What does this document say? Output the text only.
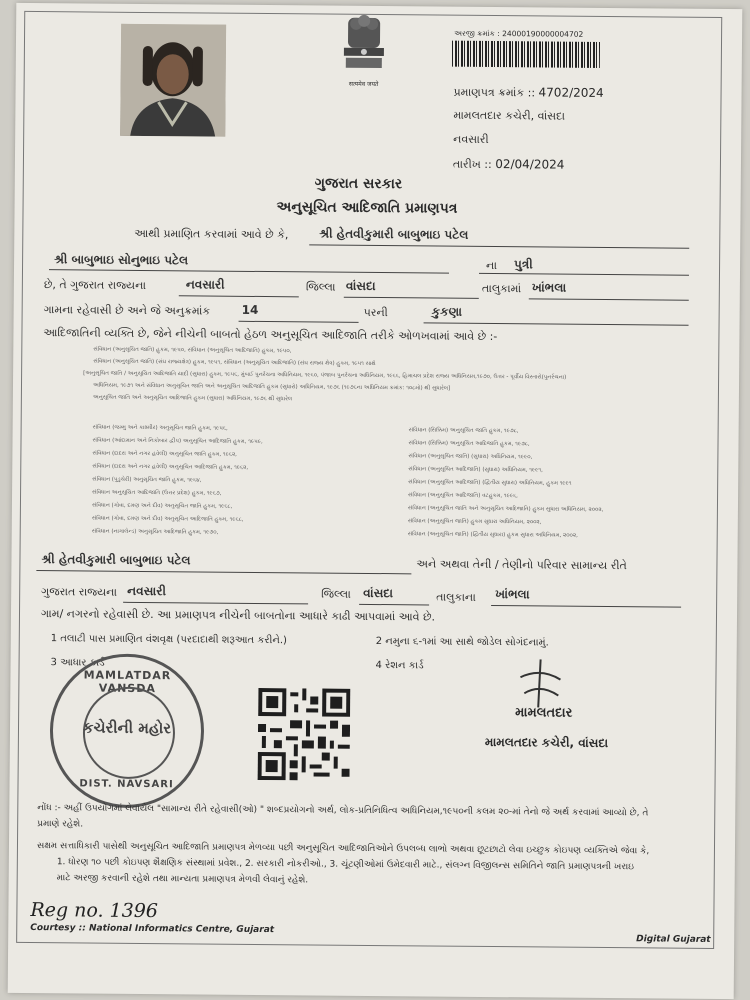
सत्यमेव जयते
અરજી ક્રમાંક : 24000190000004702
પ્રમાણપત્ર ક્રમાંક :: 4702/2024
મામલતદાર કચેરી, વાંસદા
નવસારી
તારીખ :: 02/04/2024
ગુજરાત સરકાર
અનુસૂચિત આદિજાતિ પ્રમાણપત્ર
આથી પ્રમાણિત કરવામાં આવે છે કે,	શ્રી હેતવીકુમારી બાબુભાઇ પટેલ
શ્રી બાબુભાઇ સોનુભાઇ પટેલ	ના પુત્રી
છે, તે ગુજરાત રાજ્યના	નવસારી	જિલ્લા વાંસદા	તાલુકામાં ખાંભલા
ગામના રહેવાસી છે અને જે અનુક્રમાંક	14	પરની	કુકણા
આદિજાતિની વ્યક્તિ છે, જેને નીચેની બાબતો હેઠળ અનુસૂચિત આદિજાતિ તરીકે ઓળખવામાં આવે છે :-
સંવિધાન (અનુસૂચિત જાતિ) હુકમ, ૧૯૫૦, સંવિધાન (અનુસૂચિત આદિજાતિ) હુકમ, ૧૯૫૦,
સંવિધાન (અનુસૂચિત જાતિ) (સંઘ રાજ્યક્ષેત્ર) હુકમ, ૧૯૫૧, સંવિધાન (અનુસૂચિત આદિજાતિ) (સંઘ રાજ્ય ક્ષેત્ર) હુકમ, ૧૯૫૧ સાથે
[અનુસૂચિત જાતિ / અનુસૂચિત આદિજાતિ યાદી (સુધારા) હુકમ, ૧૯૫૬, મુંબઈ પુનર્રચના અધિનિયમ, ૧૯૬૦, પંજાબ પુનર્રચના અધિનિયમ, ૧૯૬૬, હિમાચલ પ્રદેશ રાજ્ય અધિનિયમ,૧૯૭૦, ઉત્તર - પૂર્વીય વિસ્તારો(પુનર્રચના)
અધિનિયમ, ૧૯૭૧ અને સંવિધાન અનુસૂચિત જાતિ અને અનુસૂચિત આદિજાતિ હુકમ (સુધારો) અધિનિયમ, ૧૯૭૬ (૧૯૭૬ના અધિનિયમ ક્રમાંક: ૧૦૮મો) થી સુધારેલ]
અનુસૂચિત જાતિ અને અનુસૂચિત આદિજાતિ હુકમ (સુધારા) અધિનિયમ, ૧૯૭૬ થી સુધારેલ
સંવિધાન (જમ્મુ અને કાશ્મીર) અનુસૂચિત જાતિ હુકમ, ૧૯૫૬,
સંવિધાન (આંદામાન અને નિકોબાર દ્વીપ) અનુસૂચિત આદિજાતિ હુકમ, ૧૯૫૯,
સંવિધાન (દાદરા અને નગર હવેલી) અનુસૂચિત જાતિ હુકમ, ૧૯૬૨,
સંવિધાન (દાદરા અને નગર હવેલી) અનુસૂચિત આદિજાતિ હુકમ, ૧૯૬૨,
સંવિધાન (પુડુચેરી) અનુસૂચિત જાતિ હુકમ, ૧૯૬૪,
સંવિધાન અનુસૂચિત આદિજાતિ (ઉત્તર પ્રદેશ) હુકમ, ૧૯૬૭,
સંવિધાન (ગોવા, દમણ અને દીવ) અનુસૂચિત જાતિ હુકમ, ૧૯૬૮,
સંવિધાન (ગોવા, દમણ અને દીવ) અનુસૂચિત આદિજાતિ હુકમ, ૧૯૬૮,
સંવિધાન (નાગાલેન્ડ) અનુસૂચિત આદિજાતિ હુકમ, ૧૯૭૦,
સંવિધાન (સિક્કિમ) અનુસૂચિત જાતિ હુકમ, ૧૯૭૮,
સંવિધાન (સિક્કિમ) અનુસૂચિત આદિજાતિ હુકમ, ૧૯૭૮,
સંવિધાન (અનુસૂચિત જાતિ) (સુધારા) અધિનિયમ, ૧૯૯૦,
સંવિધાન (અનુસૂચિત આદિજાતિ) (સુધારા) અધિનિયમ, ૧૯૯૧,
સંવિધાન (અનુસૂચિત આદિજાતિ) (દ્વિતીય સુધારા) અધિનિયમ, હુકમ ૧૯૯૧
સંવિધાન (અનુસૂચિત આદિજાતિ) વટહુકમ, ૧૯૯૬,
સંવિધાન (અનુસૂચિત જાતિ અને અનુસૂચિત આદિજાતિ) હુકમ સુધારા અધિનિયમ, ૨૦૦૨,
સંવિધાન (અનુસૂચિત જાતિ) હુકમ સુધારા અધિનિયમ, ૨૦૦૨,
સંવિધાન (અનુસૂચિત જાતિ) (દ્વિતીય સુધારા) હુકમ સુધારા અધિનિયમ, ૨૦૦૨,
શ્રી હેતવીકુમારી બાબુભાઇ પટેલ	અને અથવા તેની / તેણીનો પરિવાર સામાન્ય રીતે
ગુજરાત રાજ્યના નવસારી	જિલ્લા વાંસદા	તાલુકાના ખાંભલા
ગામ/ નગરનો રહેવાસી છે. આ પ્રમાણપત્ર નીચેની બાબતોના આધારે કાઢી આપવામાં આવે છે.
1 તલાટી પાસ પ્રમાણિત વંશવૃક્ષ (પરદાદાથી શરૂઆત કરીને.)	2 નમુના ૬-૧માં આ સાથે જોડેલ સોગંદનામું.
3 આધાર કાર્ડ	4 રેશન કાર્ડ
MAMLATDAR VANSDA
કચેરીની મહોર
DIST. NAVSARI
મામલતદાર
મામલતદાર કચેરી, વાંસદા
નોંધ :- અહીં ઉપયોગમાં લેવાયેલ "સામાન્ય રીતે રહેવાસી(ઓ) " શબ્દપ્રયોગનો અર્થ, લોક-પ્રતિનિધિત્વ અધિનિયમ,૧૯૫૦ની કલમ ૨૦-માં તેનો જે અર્થ કરવામાં આવ્યો છે, તે
પ્રમાણે રહેશે.
સક્ષમ સત્તાધિકારી પાસેથી અનુસૂચિત આદિજાતિ પ્રમાણપત્ર મેળવ્યા પછી અનુસૂચિત આદિજાતિઓને ઉપલબ્ધ લાભો અથવા છૂટછાટો લેવા ઇચ્છુક કોઇપણ વ્યક્તિએ જેવા કે,
1. ધોરણ ૧૦ પછી કોઇપણ શૈક્ષણિક સંસ્થામાં પ્રવેશ., 2. સરકારી નોકરીઓ., 3. ચૂંટણીઓમાં ઉમેદવારી માટે., સંલગ્ન વિજીલન્સ સમિતિને જાતિ પ્રમાણપત્રની ખરાઇ
માટે અરજી કરવાની રહેશે તથા માન્યતા પ્રમાણપત્ર મેળવી લેવાનું રહેશે.
Reg no. 1396
Courtesy :: National Informatics Centre, Gujarat
Digital Gujarat
